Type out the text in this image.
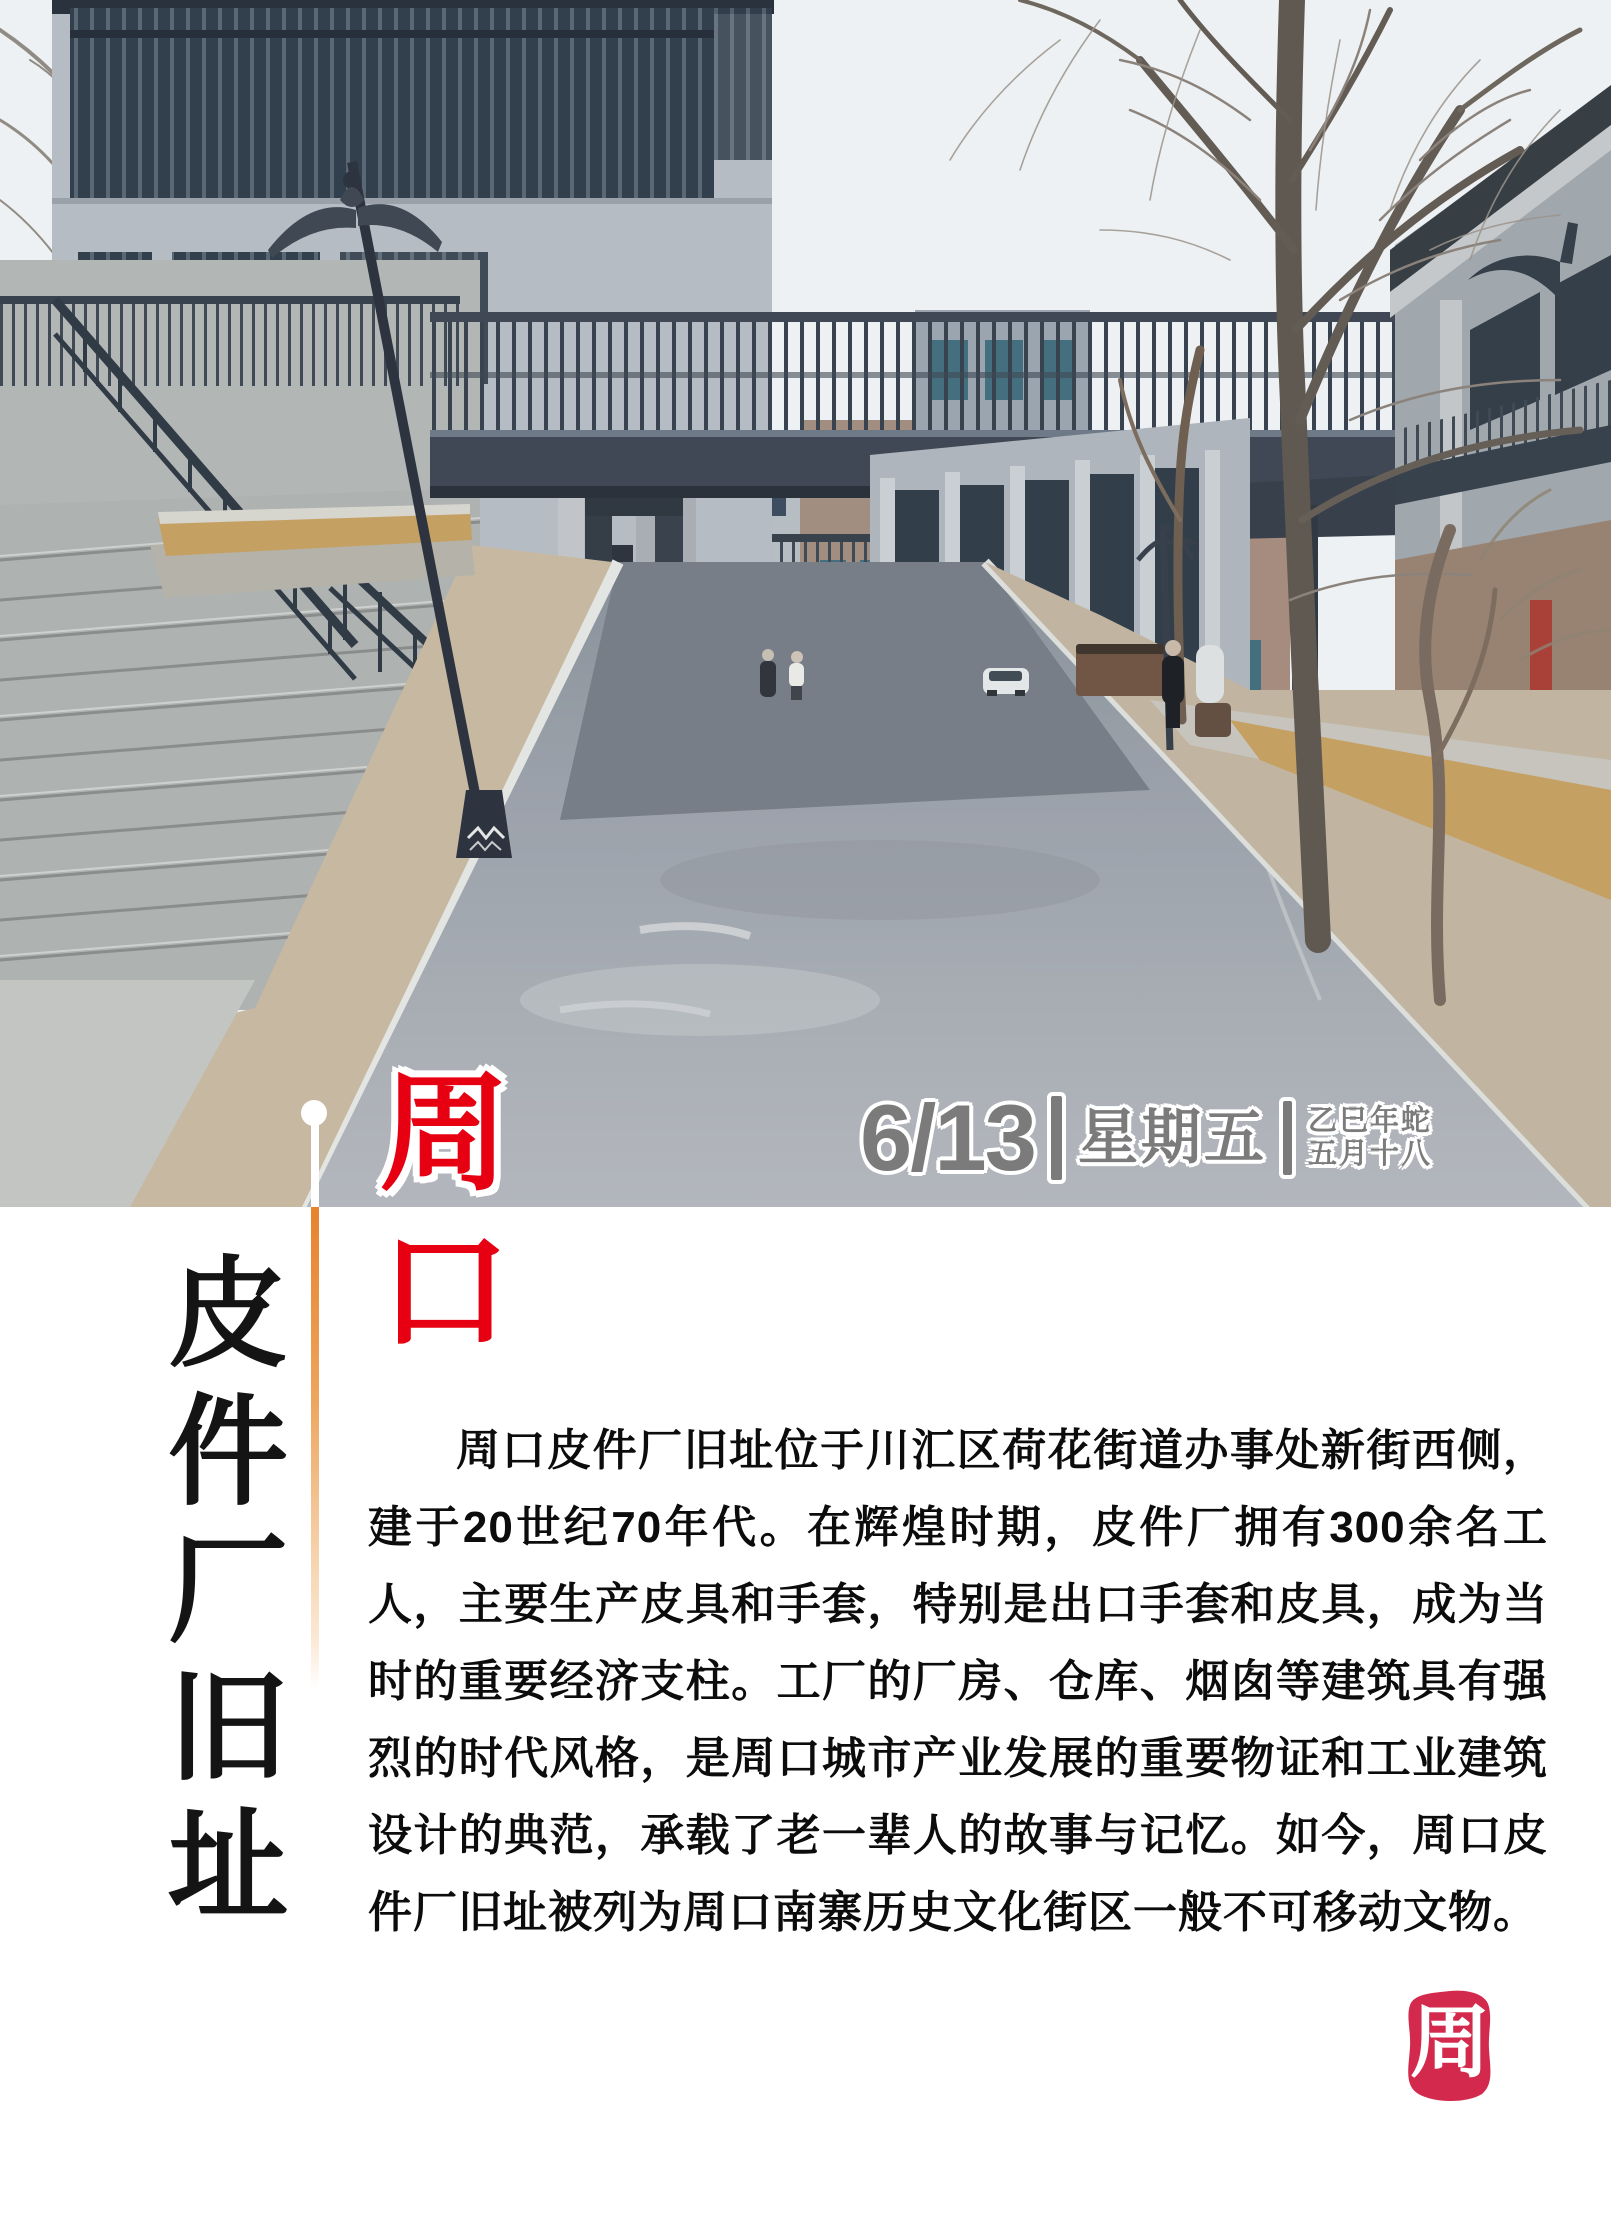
6/13 星期五 乙巳年蛇
五月十八
周口
皮件厂旧址	周口皮件厂旧址位于川汇区荷花街道办事处新街西侧，建于20世纪70年代。在辉煌时期，皮件厂拥有300余名工人，主要生产皮具和手套，特别是出口手套和皮具，成为当时的重要经济支柱。工厂的厂房、仓库、烟囱等建筑具有强烈的时代风格，是周口城市产业发展的重要物证和工业建筑设计的典范，承载了老一辈人的故事与记忆。如今，周口皮件厂旧址被列为周口南寨历史文化街区一般不可移动文物。

周
